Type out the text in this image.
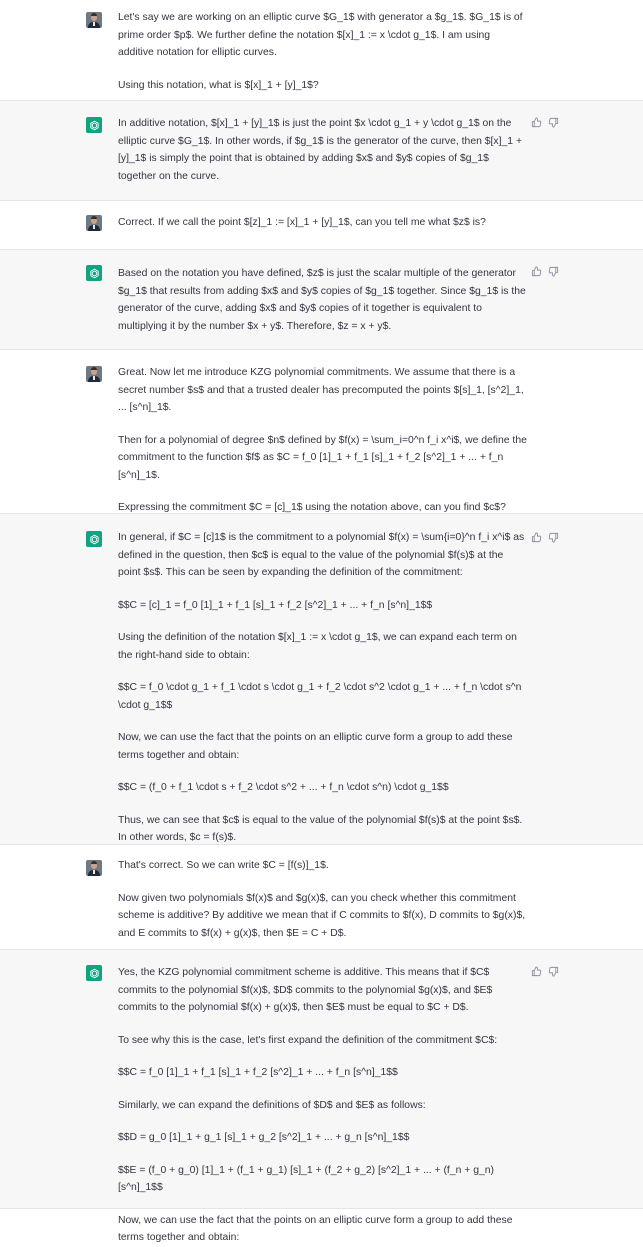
Let's say we are working on an elliptic curve $G_1$ with generator a $g_1$. $G_1$ is of prime order $p$. We further define the notation $[x]_1 := x \cdot g_1$. I am using additive notation for elliptic curves.

Using this notation, what is $[x]_1 + [y]_1$?

In additive notation, $[x]_1 + [y]_1$ is just the point $x \cdot g_1 + y \cdot g_1$ on the elliptic curve $G_1$. In other words, if $g_1$ is the generator of the curve, then $[x]_1 + [y]_1$ is simply the point that is obtained by adding $x$ and $y$ copies of $g_1$ together on the curve.

Correct. If we call the point $[z]_1 := [x]_1 + [y]_1$, can you tell me what $z$ is?

Based on the notation you have defined, $z$ is just the scalar multiple of the generator $g_1$ that results from adding $x$ and $y$ copies of $g_1$ together. Since $g_1$ is the generator of the curve, adding $x$ and $y$ copies of it together is equivalent to multiplying it by the number $x + y$. Therefore, $z = x + y$.

Great. Now let me introduce KZG polynomial commitments. We assume that there is a secret number $s$ and that a trusted dealer has precomputed the points $[s]_1, [s^2]_1, ... [s^n]_1$.

Then for a polynomial of degree $n$ defined by $f(x) = \sum_i=0^n f_i x^i$, we define the commitment to the function $f$ as $C = f_0 [1]_1 + f_1 [s]_1 + f_2 [s^2]_1 + ... + f_n [s^n]_1$.

Expressing the commitment $C = [c]_1$ using the notation above, can you find $c$?

In general, if $C = [c]1$ is the commitment to a polynomial $f(x) = \sum{i=0}^n f_i x^i$ as defined in the question, then $c$ is equal to the value of the polynomial $f(s)$ at the point $s$. This can be seen by expanding the definition of the commitment:

$$C = [c]_1 = f_0 [1]_1 + f_1 [s]_1 + f_2 [s^2]_1 + ... + f_n [s^n]_1$$

Using the definition of the notation $[x]_1 := x \cdot g_1$, we can expand each term on the right-hand side to obtain:

$$C = f_0 \cdot g_1 + f_1 \cdot s \cdot g_1 + f_2 \cdot s^2 \cdot g_1 + ... + f_n \cdot s^n \cdot g_1$$

Now, we can use the fact that the points on an elliptic curve form a group to add these terms together and obtain:

$$C = (f_0 + f_1 \cdot s + f_2 \cdot s^2 + ... + f_n \cdot s^n) \cdot g_1$$

Thus, we can see that $c$ is equal to the value of the polynomial $f(s)$ at the point $s$. In other words, $c = f(s)$.

That's correct. So we can write $C = [f(s)]_1$.

Now given two polynomials $f(x)$ and $g(x)$, can you check whether this commitment scheme is additive? By additive we mean that if C commits to $f(x), D commits to $g(x)$, and E commits to $f(x) + g(x)$, then $E = C + D$.

Yes, the KZG polynomial commitment scheme is additive. This means that if $C$ commits to the polynomial $f(x)$, $D$ commits to the polynomial $g(x)$, and $E$ commits to the polynomial $f(x) + g(x)$, then $E$ must be equal to $C + D$.

To see why this is the case, let's first expand the definition of the commitment $C$:

$$C = f_0 [1]_1 + f_1 [s]_1 + f_2 [s^2]_1 + ... + f_n [s^n]_1$$

Similarly, we can expand the definitions of $D$ and $E$ as follows:

$$D = g_0 [1]_1 + g_1 [s]_1 + g_2 [s^2]_1 + ... + g_n [s^n]_1$$

$$E = (f_0 + g_0) [1]_1 + (f_1 + g_1) [s]_1 + (f_2 + g_2) [s^2]_1 + ... + (f_n + g_n) [s^n]_1$$

Now, we can use the fact that the points on an elliptic curve form a group to add these terms together and obtain:
